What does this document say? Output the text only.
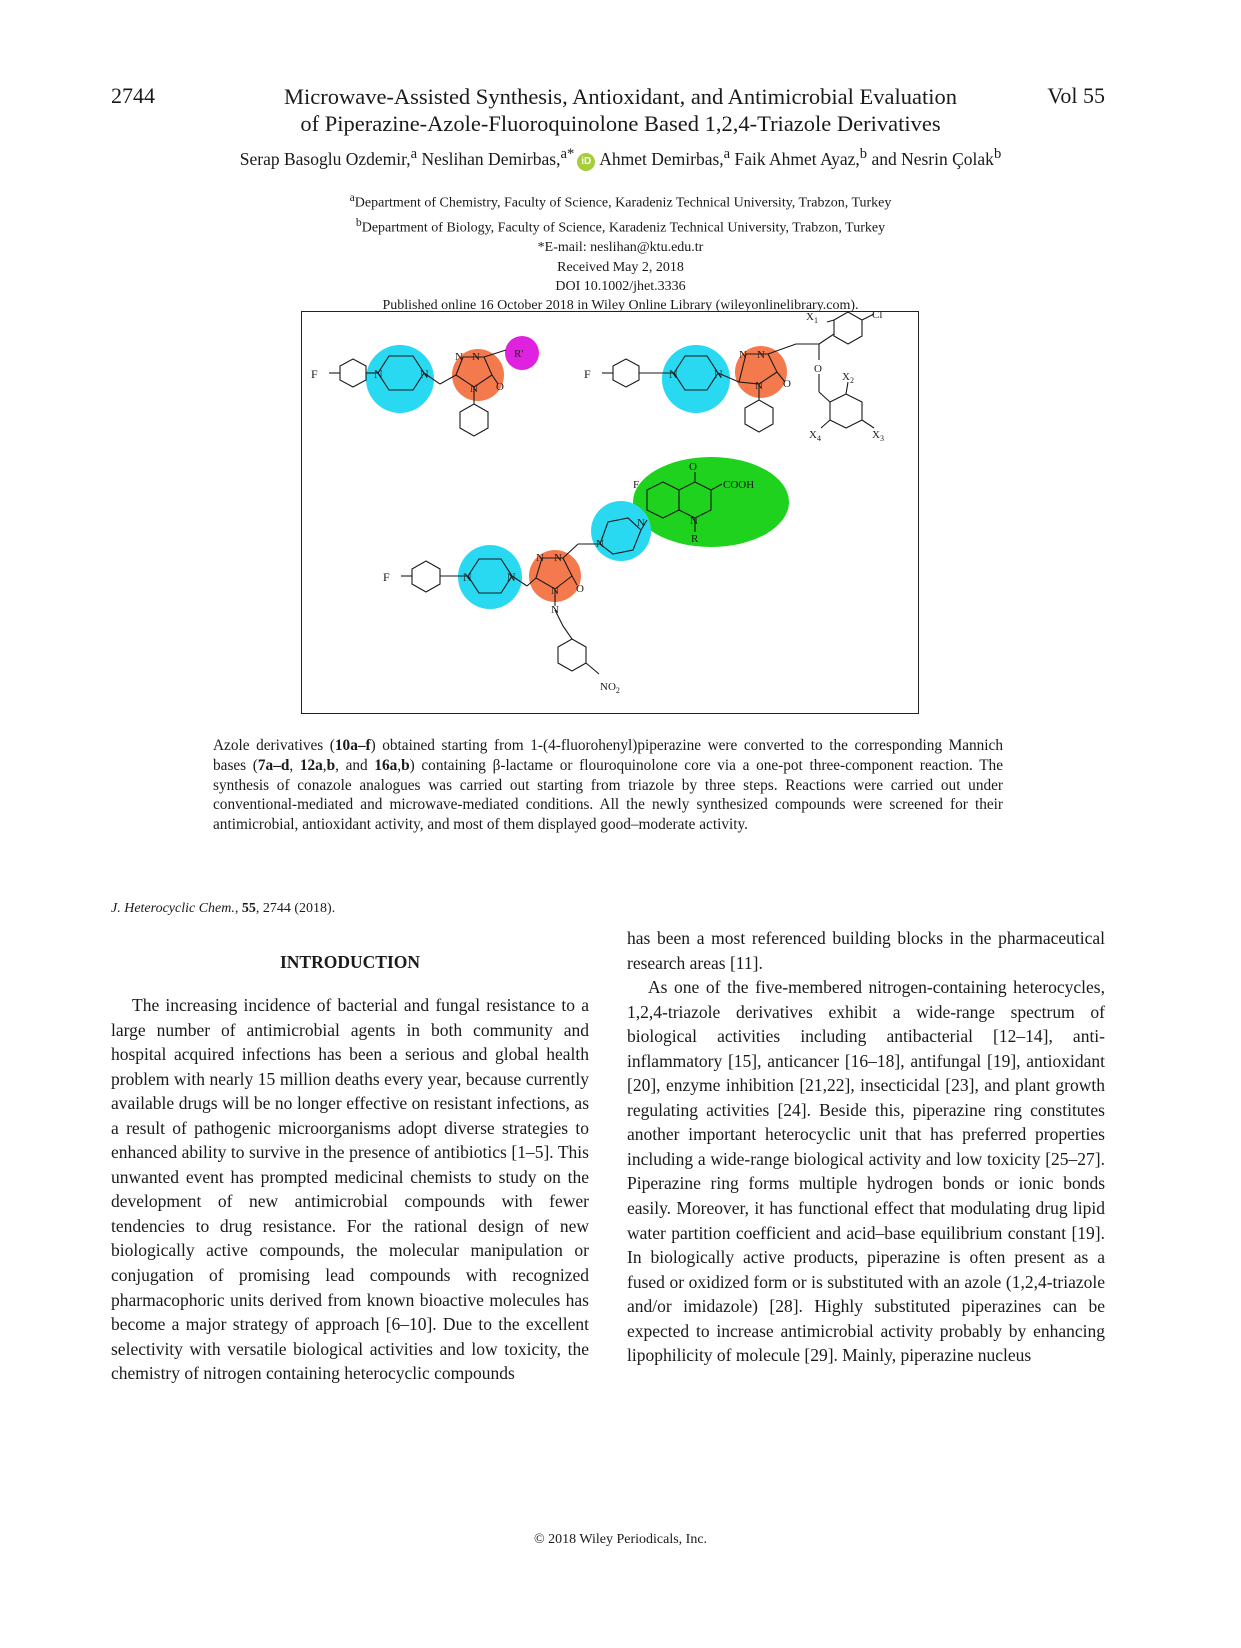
2744	Vol 55
Microwave-Assisted Synthesis, Antioxidant, and Antimicrobial Evaluation
of Piperazine-Azole-Fluoroquinolone Based 1,2,4-Triazole Derivatives
Serap Basoglu Ozdemir,$^a$ Neslihan Demirbas,$^{a*}$ iD Ahmet Demirbas,$^a$ Faik Ahmet Ayaz,$^b$ and Nesrin Çolak$^b$
$^a$Department of Chemistry, Faculty of Science, Karadeniz Technical University, Trabzon, Turkey
$^b$Department of Biology, Faculty of Science, Karadeniz Technical University, Trabzon, Turkey
*E-mail: neslihan@ktu.edu.tr
Received May 2, 2018
DOI 10.1002/jhet.3336
Published online 16 October 2018 in Wiley Online Library (wileyonlinelibrary.com).
F	N	N
N N
N O
R'
F	N	N
N N
N O
O
Cl
$X_1$
$X_2$
$X_3$
$X_4$
O
F	COOH
N
R
N
N
F	N	N
N N
N O
N
$NO_2$
Azole derivatives (10a–f) obtained starting from 1-(4-fluorohenyl)piperazine were converted to the corresponding Mannich bases (7a–d, 12a,b, and 16a,b) containing β-lactame or flouroquinolone core via a one-pot three-component reaction. The synthesis of conazole analogues was carried out starting from triazole by three steps. Reactions were carried out under conventional-mediated and microwave-mediated conditions. All the newly synthesized compounds were screened for their antimicrobial, antioxidant activity, and most of them displayed good–moderate activity.
J. Heterocyclic Chem., 55, 2744 (2018).
INTRODUCTION

The increasing incidence of bacterial and fungal resistance to a large number of antimicrobial agents in both community and hospital acquired infections has been a serious and global health problem with nearly 15 million deaths every year, because currently available drugs will be no longer effective on resistant infections, as a result of pathogenic microorganisms adopt diverse strategies to enhanced ability to survive in the presence of antibiotics [1–5]. This unwanted event has prompted medicinal chemists to study on the development of new antimicrobial compounds with fewer tendencies to drug resistance. For the rational design of new biologically active compounds, the molecular manipulation or conjugation of promising lead compounds with recognized pharmacophoric units derived from known bioactive molecules has become a major strategy of approach [6–10]. Due to the excellent selectivity with versatile biological activities and low toxicity, the chemistry of nitrogen containing heterocyclic compounds

has been a most referenced building blocks in the pharmaceutical research areas [11].

As one of the five-membered nitrogen-containing heterocycles, 1,2,4-triazole derivatives exhibit a wide-range spectrum of biological activities including antibacterial [12–14], anti-inflammatory [15], anticancer [16–18], antifungal [19], antioxidant [20], enzyme inhibition [21,22], insecticidal [23], and plant growth regulating activities [24]. Beside this, piperazine ring constitutes another important heterocyclic unit that has preferred properties including a wide-range biological activity and low toxicity [25–27]. Piperazine ring forms multiple hydrogen bonds or ionic bonds easily. Moreover, it has functional effect that modulating drug lipid water partition coefficient and acid–base equilibrium constant [19]. In biologically active products, piperazine is often present as a fused or oxidized form or is substituted with an azole (1,2,4-triazole and/or imidazole) [28]. Highly substituted piperazines can be expected to increase antimicrobial activity probably by enhancing lipophilicity of molecule [29]. Mainly, piperazine nucleus

© 2018 Wiley Periodicals, Inc.
